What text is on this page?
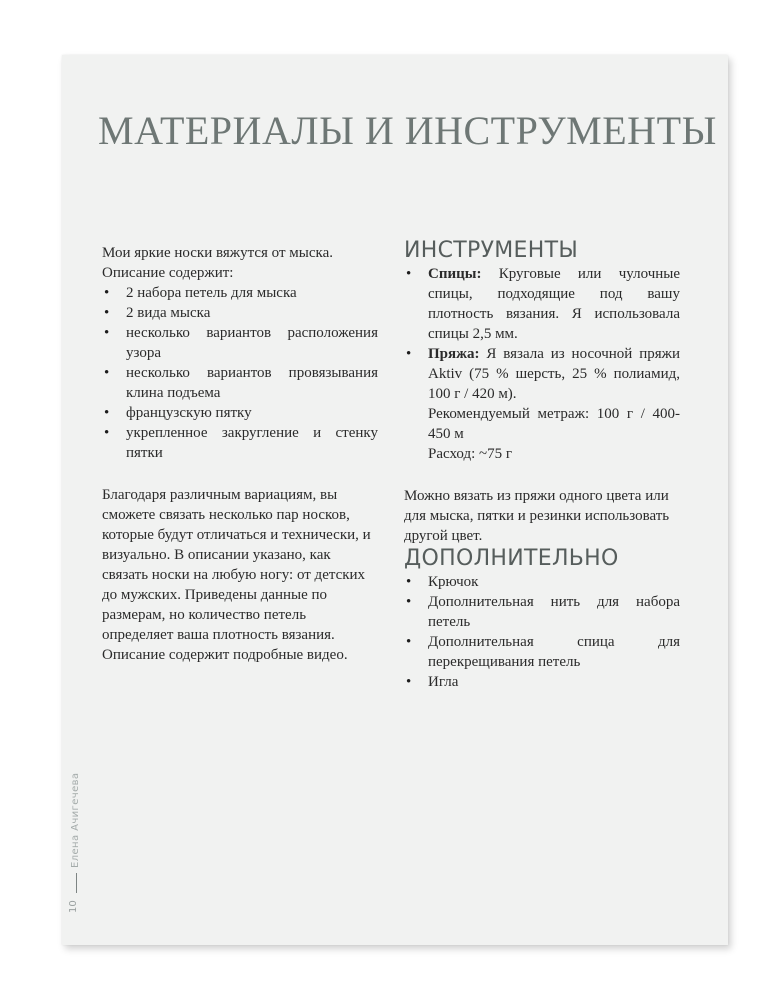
МАТЕРИАЛЫ И ИНСТРУМЕНТЫ

Мои яркие носки вяжутся от мыска.

Описание содержит:

• 2 набора петель для мыска
• 2 вида мыска
• несколько вариантов расположения узора
• несколько вариантов провязывания клина подъема
• французскую пятку
• укрепленное закругление и стенку пятки

Благодаря различным вариациям, вы сможете связать несколько пар носков, которые будут отличаться и технически, и визуально. В описании указано, как связать носки на любую ногу: от детских до мужских. Приведены данные по размерам, но количество петель определяет ваша плотность вязания. Описание содержит подробные видео.

ИНСТРУМЕНТЫ
• Спицы: Круговые или чулочные спицы, подходящие под вашу плотность вязания. Я использовала спицы 2,5 мм.
• Пряжа: Я вязала из носочной пряжи Aktiv (75 % шерсть, 25 % полиамид, 100 г / 420 м).

Рекомендуемый метраж: 100 г / 400-450 м

Расход: ~75 г

Можно вязать из пряжи одного цвета или для мыска, пятки и резинки использовать другой цвет.

ДОПОЛНИТЕЛЬНО
• Крючок
• Дополнительная нить для набора петель
• Дополнительная спица для перекрещивания петель
• Игла
Елена Ачигечева
10
